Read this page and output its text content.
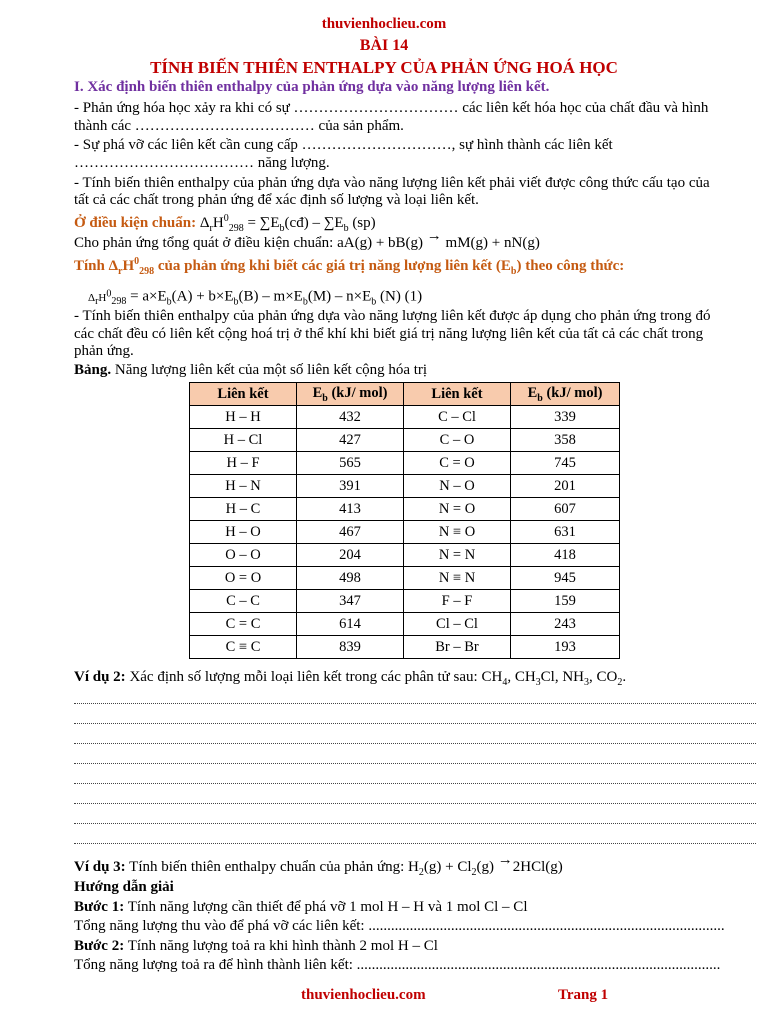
thuvienhoclieu.com
BÀI 14
TÍNH BIẾN THIÊN ENTHALPY CỦA PHẢN ỨNG HOÁ HỌC
I. Xác định biến thiên enthalpy của phản ứng dựa vào năng lượng liên kết.
- Phản ứng hóa học xảy ra khi có sự …………………………… các liên kết hóa học của chất đầu và hình
thành các ……………………………… của sản phẩm.
- Sự phá vỡ các liên kết cần cung cấp …………………………, sự hình thành các liên kết
……………………………… năng lượng.
- Tính biến thiên enthalpy của phản ứng dựa vào năng lượng liên kết phải viết được công thức cấu tạo của
tất cả các chất trong phản ứng để xác định số lượng và loại liên kết.
Ở điều kiện chuẩn: $\Delta_rH^0_{298}$ = $\sum E_b(cđ) - \sum E_b$ (sp)
Cho phản ứng tổng quát ở điều kiện chuẩn: aA(g) + bB(g) → mM(g) + nN(g)
Tính $\Delta_rH^0_{298}$ của phản ứng khi biết các giá trị năng lượng liên kết $(E_b)$ theo công thức:
$\Delta_rH^0_{298} = a\times E_b(A) + b\times E_b(B) - m\times E_b(M) - n\times E_b$ (N) (1)
- Tính biến thiên enthalpy của phản ứng dựa vào năng lượng liên kết được áp dụng cho phản ứng trong đó
các chất đều có liên kết cộng hoá trị ở thể khí khi biết giá trị năng lượng liên kết của tất cả các chất trong
phản ứng.
Bảng. Năng lượng liên kết của một số liên kết cộng hóa trị
Liên kết	$E_b$ (kJ/ mol)	Liên kết	$E_b$ (kJ/ mol)
H – H	432	C – Cl	339
H – Cl	427	C – O	358
H – F	565	C = O	745
H – N	391	N – O	201
H – C	413	N = O	607
H – O	467	N ≡ O	631
O – O	204	N = N	418
O = O	498	N ≡ N	945
C – C	347	F – F	159
C = C	614	Cl – Cl	243
C ≡ C	839	Br – Br	193
Ví dụ 2: Xác định số lượng mỗi loại liên kết trong các phân tử sau: $CH_4$, $CH_3Cl$, $NH_3$, $CO_2$.
Ví dụ 3: Tính biến thiên enthalpy chuẩn của phản ứng: $H_2(g) + Cl_2(g) \to 2HCl(g)$
Hướng dẫn giải
Bước 1: Tính năng lượng cần thiết để phá vỡ 1 mol H – H và 1 mol Cl – Cl
Tổng năng lượng thu vào để phá vỡ các liên kết: ...............................................................................................
Bước 2: Tính năng lượng toả ra khi hình thành 2 mol H – Cl
Tổng năng lượng toả ra để hình thành liên kết: .................................................................................................
thuvienhoclieu.com	Trang 1
